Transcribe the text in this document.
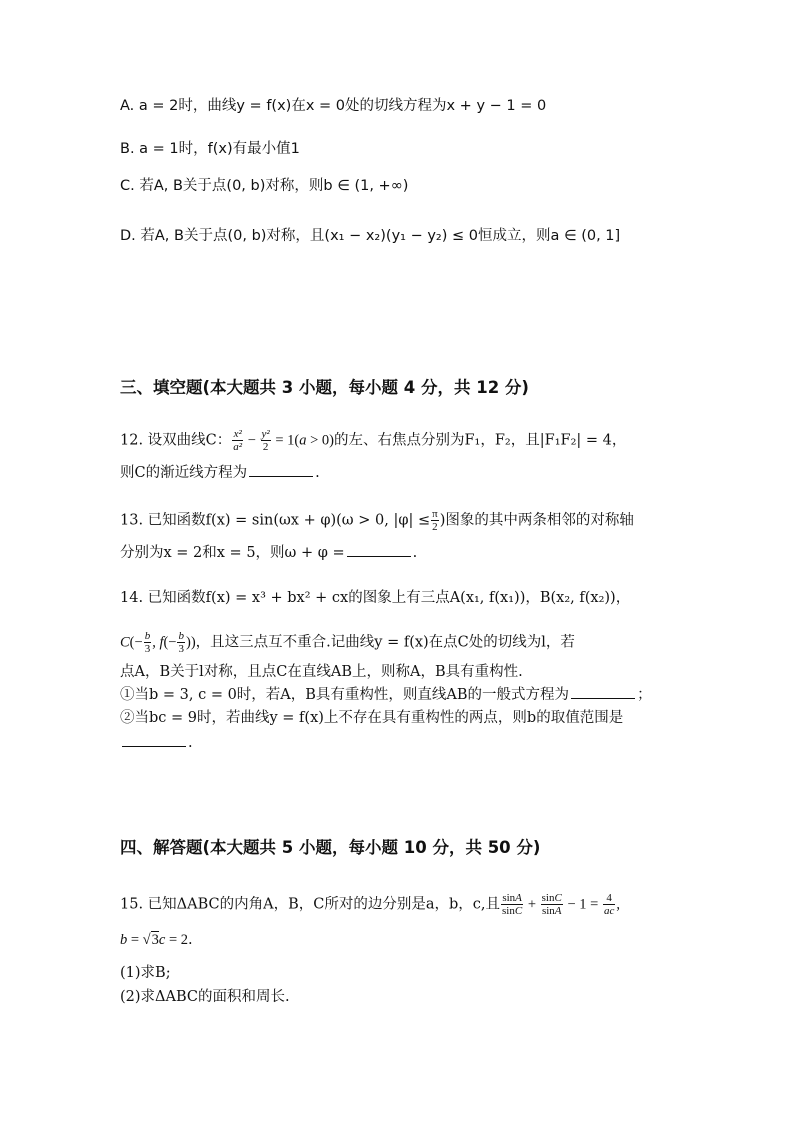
A. a = 2时，曲线y = f(x)在x = 0处的切线方程为x + y − 1 = 0
B. a = 1时，f(x)有最小值1
C. 若A, B关于点(0, b)对称，则b ∈ (1, +∞)
D. 若A, B关于点(0, b)对称，且(x₁ − x₂)(y₁ − y₂) ≤ 0恒成立，则a ∈ (0, 1]
三、填空题(本大题共 3 小题，每小题 4 分，共 12 分)
12. 设双曲线C： $\frac{\text{x²}}{\text{a²}} - \frac{\text{y²}}{2} = 1(a > 0)$的左、右焦点分别为F₁，F₂，且|F₁F₂| = 4，
则C的渐近线方程为	.
13. 已知函数f(x) = sin(ωx + φ)(ω > 0, $|\varphi| \le \frac{\pi}{2}$ )图象的其中两条相邻的对称轴
分别为x = 2和x = 5，则ω + φ =	.
14. 已知函数f(x) = x³ + bx² + cx的图象上有三点A(x₁, f(x₁))，B(x₂, f(x₂))，
$C(- \frac{b}{3}$ , $f(- \frac{b}{3}$ ))，且这三点互不重合.记曲线y = f(x)在点C处的切线为l，若
点A，B关于l对称，且点C在直线AB上，则称A，B具有重构性.
①当b = 3, c = 0时，若A，B具有重构性，则直线AB的一般式方程为	；
②当bc = 9时，若曲线y = f(x)上不存在具有重构性的两点，则b的取值范围是
.
四、解答题(本大题共 5 小题，每小题 10 分，共 50 分)
15. 已知ΔABC的内角A，B，C所对的边分别是a，b，c,且 $\frac{\sin A}{\sin C} + \frac{\sin C}{\sin A} - 1 = \frac{4}{ac}$ ,
b = √3c = 2.
(1)求B;
(2)求ΔABC的面积和周长.
